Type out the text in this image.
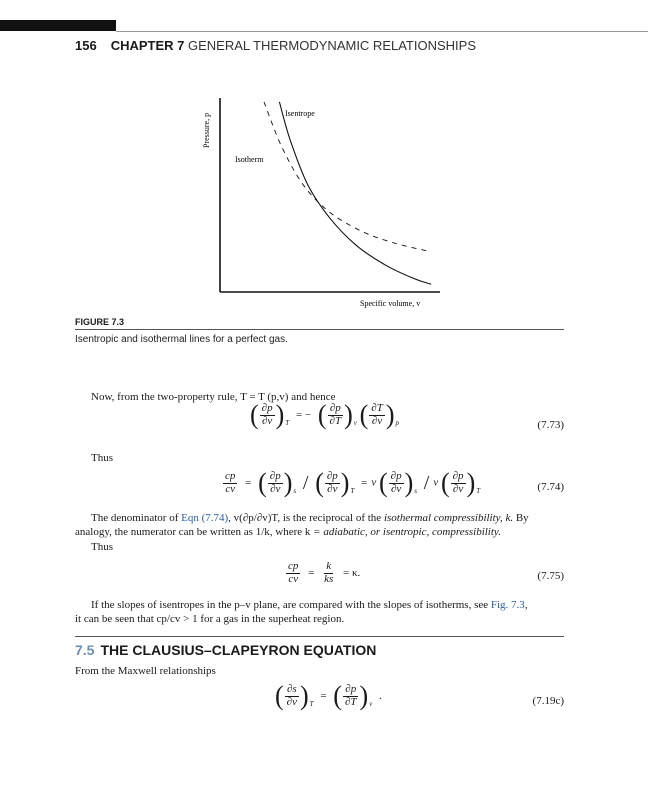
156 CHAPTER 7 GENERAL THERMODYNAMIC RELATIONSHIPS
Isentrope
Isotherm
Specific volume, v
Pressure, p
FIGURE 7.3
Isentropic and isothermal lines for a perfect gas.
Now, from the two-property rule, T = T (p,v) and hence
( $\frac{\partial p}{\partial v}$ ) T
= − ( $\frac{\partial p}{\partial T}$ ) v
( $\frac{\partial T}{\partial v}$ ) p	(7.73)
Thus
$\frac{cp}{cv}$ = ( $\frac{\partial p}{\partial v}$ ) s / ( $\frac{\partial p}{\partial v}$ ) T
= v ( $\frac{\partial p}{\partial v}$ ) s / v ( $\frac{\partial p}{\partial v}$ ) T	(7.74)
The denominator of Eqn (7.74), v(∂p/∂v)T, is the reciprocal of the isothermal compressibility, k. By
analogy, the numerator can be written as 1/k, where k = adiabatic, or isentropic, compressibility.
Thus
$\frac{cp}{cv} = \frac{k}{ks} = \kappa$.	(7.75)
If the slopes of isentropes in the p–v plane, are compared with the slopes of isotherms, see Fig. 7.3,
it can be seen that cp/cv > 1 for a gas in the superheat region.
7.5 THE CLAUSIUS–CLAPEYRON EQUATION
From the Maxwell relationships
( $\frac{\partial s}{\partial v}$ ) T
= ( $\frac{\partial p}{\partial T}$ ) v
.	(7.19c)
